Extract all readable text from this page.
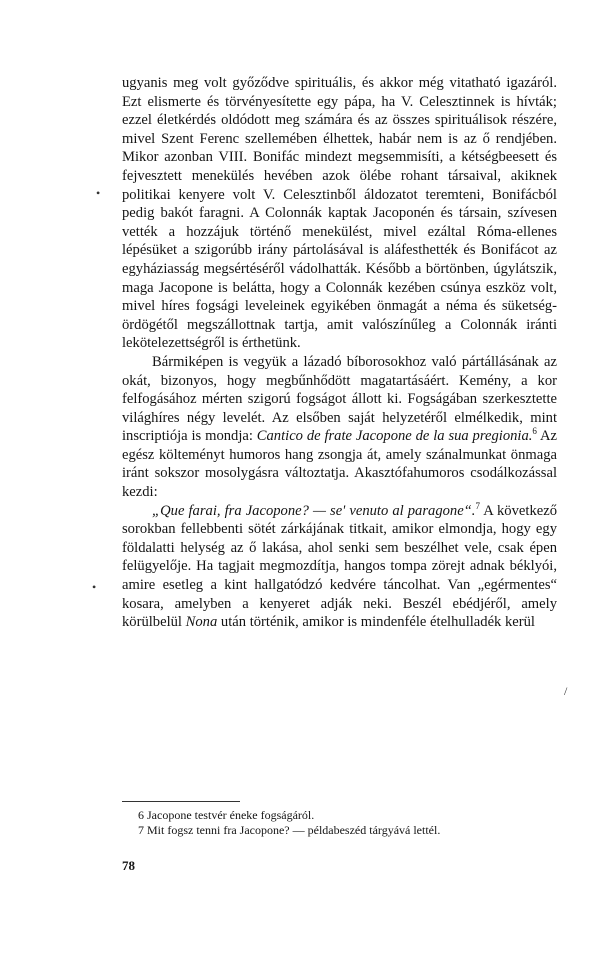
ugyanis meg volt győződve spirituális, és akkor még vitatható igazáról. Ezt elismerte és törvényesítette egy pápa, ha V. Celesztinnek is hívták; ezzel életkérdés oldódott meg számára és az összes spirituálisok részére, mivel Szent Ferenc szellemében élhettek, habár nem is az ő rendjében. Mikor azonban VIII. Bonifác mindezt megsemmisíti, a kétségbeesett és fejvesztett menekülés hevében azok ölébe rohant társaival, akiknek politikai kenyere volt V. Celesztinből áldozatot teremteni, Bonifácból pedig bakót faragni. A Colonnák kaptak Jacoponén és társain, szívesen vették a hozzájuk történő menekülést, mivel ezáltal Róma-ellenes lépésüket a szigorúbb irány pártolásával is aláfesthették és Bonifácot az egyháziasság megsértéséről vádolhatták. Később a börtönben, úgylátszik, maga Jacopone is belátta, hogy a Colonnák kezében csúnya eszköz volt, mivel híres fogsági leveleinek egyikében önmagát a néma és süketség-ördögétől megszállottnak tartja, amit valószínűleg a Colonnák iránti lekötelezettségről is érthetünk.

Bármiképen is vegyük a lázadó bíborosokhoz való pártállásának az okát, bizonyos, hogy megbűnhődött magatartásáért. Kemény, a kor felfogásához mérten szigorú fogságot állott ki. Fogságában szerkesztette világhíres négy levelét. Az elsőben saját helyzetéről elmélkedik, mint inscriptiója is mondja: Cantico de frate Jacopone de la sua pregionia.$^6$ Az egész költeményt humoros hang zsongja át, amely szánalmunkat önmaga iránt sokszor mosolygásra változtatja. Akasztófahumoros csodálkozással kezdi:

„Que farai, fra Jacopone? — se' venuto al paragone“.$^7$ A következő sorokban fellebbenti sötét zárkájának titkait, amikor elmondja, hogy egy földalatti helység az ő lakása, ahol senki sem beszélhet vele, csak épen felügyelője. Ha tagjait megmozdítja, hangos tompa zörejt adnak béklyói, amire esetleg a kint hallgatódzó kedvére táncolhat. Van „egérmentes“ kosara, amelyben a kenyeret adják neki. Beszél ebédjéről, amely körülbelül Nona után történik, amikor is mindenféle ételhulladék kerül

6 Jacopone testvér éneke fogságáról.

7 Mit fogsz tenni fra Jacopone? — példabeszéd tárgyává lettél.

78
•
•
/
